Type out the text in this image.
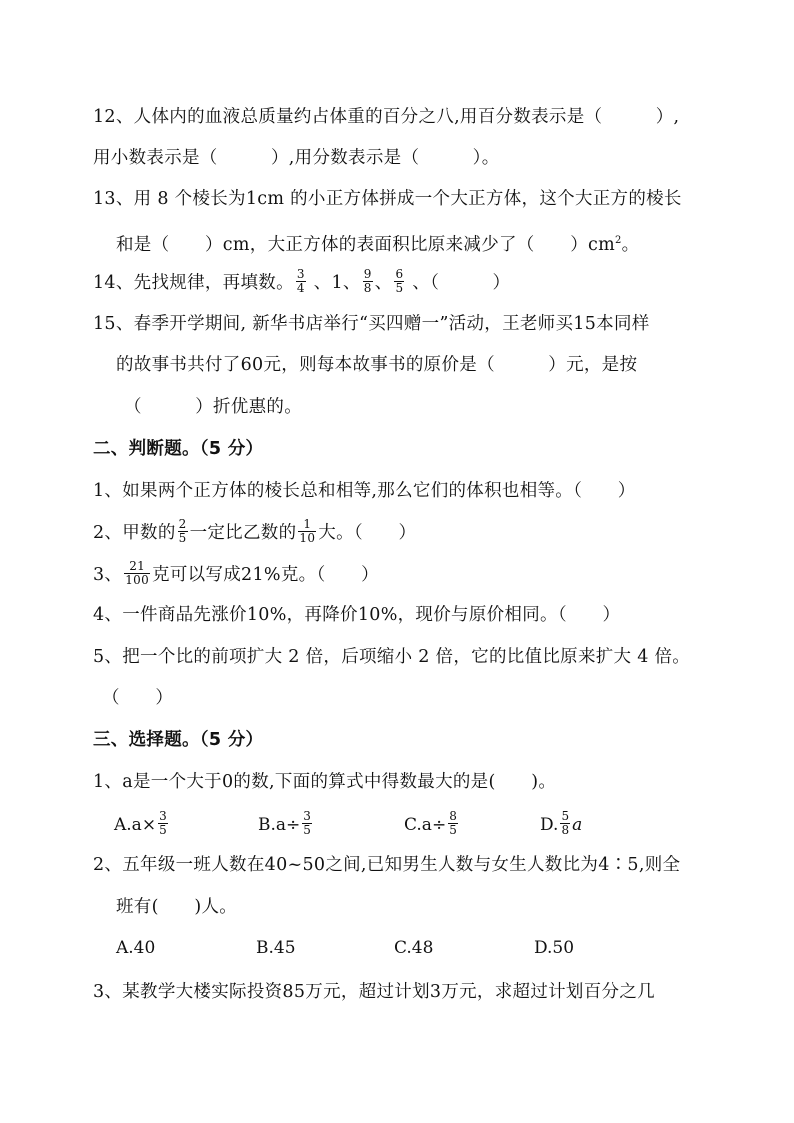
12、人体内的血液总质量约占体重的百分之八,用百分数表示是（　　　）,
用小数表示是（　　　）,用分数表示是（　　　）。
13、用 8 个棱长为1cm 的小正方体拼成一个大正方体，这个大正方的棱长
和是（　　）cm，大正方体的表面积比原来减少了（　　）$cm^2$。
14、先找规律，再填数。 $\frac{3}{4}$ 、1、 $\frac{9}{8}$ 、 $\frac{6}{5}$ 、（　　　）
15、春季开学期间, 新华书店举行“买四赠一”活动，王老师买15本同样
的故事书共付了60元，则每本故事书的原价是（　　　）元，是按
（　　　）折优惠的。
二、判断题。（5 分）
1、如果两个正方体的棱长总和相等,那么它们的体积也相等。（　　）
2、甲数的 $\frac{2}{5}$ 一定比乙数的 $\frac{1}{10}$ 大。（　　）
3、 $\frac{21}{100}$ 克可以写成21%克。（　　）
4、一件商品先涨价10%，再降价10%，现价与原价相同。（　　）
5、把一个比的前项扩大 2 倍，后项缩小 2 倍，它的比值比原来扩大 4 倍。
（　　）
三、选择题。（5 分）
1、a是一个大于0的数,下面的算式中得数最大的是(　　)。
$A.a\times \frac{3}{5}$	$B.a\div \frac{3}{5}$	$C.a\div \frac{8}{5}$	D. $\frac{5}{8}$ a
2、五年级一班人数在40~50之间,已知男生人数与女生人数比为4∶5,则全
班有(　　)人。
A.40	B.45	C.48	D.50
3、某教学大楼实际投资85万元，超过计划3万元，求超过计划百分之几
